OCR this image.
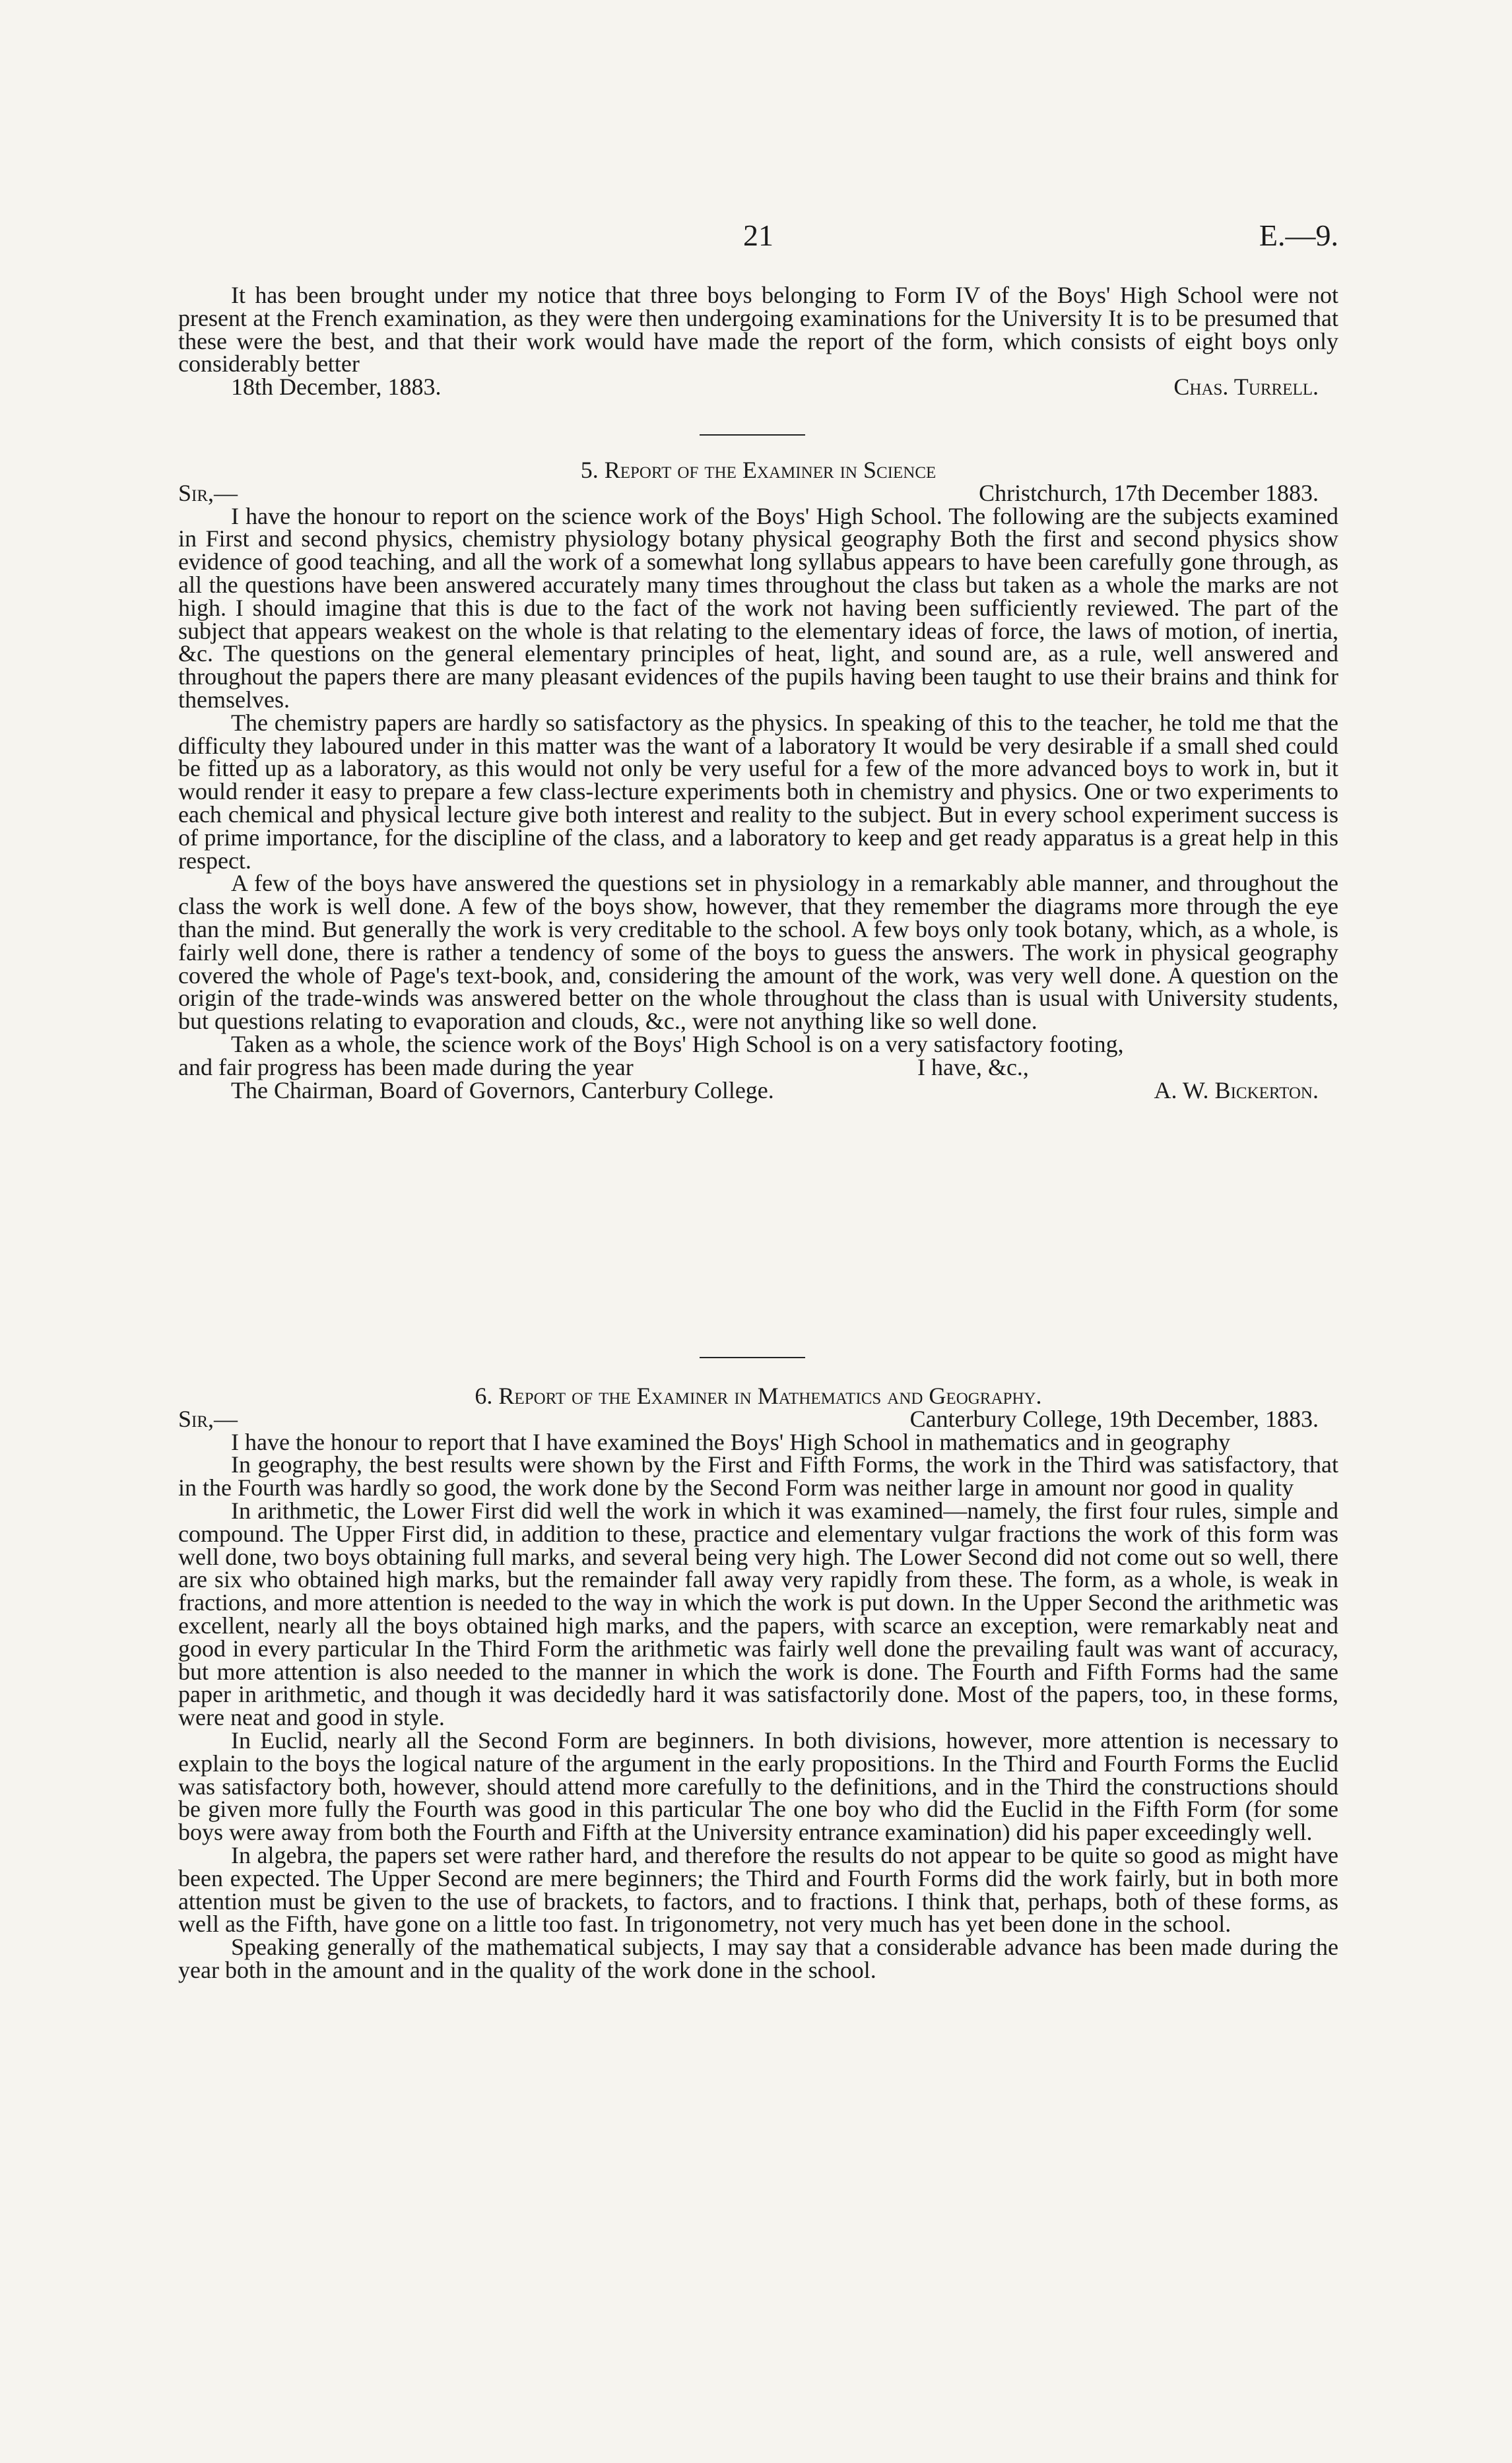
21	E.—9.

It has been brought under my notice that three boys belonging to Form IV of the Boys' High School were not present at the French examination, as they were then undergoing examinations for the University It is to be presumed that these were the best, and that their work would have made the report of the form, which consists of eight boys only considerably better

18th December, 1883.	Chas. Turrell.
5. Report of the Examiner in Science
Sir,—	Christchurch, 17th December 1883.

I have the honour to report on the science work of the Boys' High School. The following are the subjects examined in First and second physics, chemistry physiology botany physical geography Both the first and second physics show evidence of good teaching, and all the work of a somewhat long syllabus appears to have been carefully gone through, as all the questions have been answered accurately many times throughout the class but taken as a whole the marks are not high. I should imagine that this is due to the fact of the work not having been sufficiently reviewed. The part of the subject that appears weakest on the whole is that relating to the elementary ideas of force, the laws of motion, of inertia, &c. The questions on the general elementary principles of heat, light, and sound are, as a rule, well answered and throughout the papers there are many pleasant evidences of the pupils having been taught to use their brains and think for themselves.

The chemistry papers are hardly so satisfactory as the physics. In speaking of this to the teacher, he told me that the difficulty they laboured under in this matter was the want of a laboratory It would be very desirable if a small shed could be fitted up as a laboratory, as this would not only be very useful for a few of the more advanced boys to work in, but it would render it easy to prepare a few class-lecture experiments both in chemistry and physics. One or two experiments to each chemical and physical lecture give both interest and reality to the subject. But in every school experiment success is of prime importance, for the discipline of the class, and a laboratory to keep and get ready apparatus is a great help in this respect.

A few of the boys have answered the questions set in physiology in a remarkably able manner, and throughout the class the work is well done. A few of the boys show, however, that they remember the diagrams more through the eye than the mind. But generally the work is very creditable to the school. A few boys only took botany, which, as a whole, is fairly well done, there is rather a tendency of some of the boys to guess the answers. The work in physical geography covered the whole of Page's text-book, and, considering the amount of the work, was very well done. A question on the origin of the trade-winds was answered better on the whole throughout the class than is usual with University students, but questions relating to evaporation and clouds, &c., were not anything like so well done.

Taken as a whole, the science work of the Boys' High School is on a very satisfactory footing,

and fair progress has been made during the year	I have, &c.,
The Chairman, Board of Governors, Canterbury College.	A. W. Bickerton.
6. Report of the Examiner in Mathematics and Geography.
Sir,—	Canterbury College, 19th December, 1883.

I have the honour to report that I have examined the Boys' High School in mathematics and in geography

In geography, the best results were shown by the First and Fifth Forms, the work in the Third was satisfactory, that in the Fourth was hardly so good, the work done by the Second Form was neither large in amount nor good in quality

In arithmetic, the Lower First did well the work in which it was examined—namely, the first four rules, simple and compound. The Upper First did, in addition to these, practice and elementary vulgar fractions the work of this form was well done, two boys obtaining full marks, and several being very high. The Lower Second did not come out so well, there are six who obtained high marks, but the remainder fall away very rapidly from these. The form, as a whole, is weak in fractions, and more attention is needed to the way in which the work is put down. In the Upper Second the arithmetic was excellent, nearly all the boys obtained high marks, and the papers, with scarce an exception, were remarkably neat and good in every particular In the Third Form the arithmetic was fairly well done the prevailing fault was want of accuracy, but more attention is also needed to the manner in which the work is done. The Fourth and Fifth Forms had the same paper in arithmetic, and though it was decidedly hard it was satisfactorily done. Most of the papers, too, in these forms, were neat and good in style.

In Euclid, nearly all the Second Form are beginners. In both divisions, however, more attention is necessary to explain to the boys the logical nature of the argument in the early propositions. In the Third and Fourth Forms the Euclid was satisfactory both, however, should attend more carefully to the definitions, and in the Third the constructions should be given more fully the Fourth was good in this particular The one boy who did the Euclid in the Fifth Form (for some boys were away from both the Fourth and Fifth at the University entrance examination) did his paper exceedingly well.

In algebra, the papers set were rather hard, and therefore the results do not appear to be quite so good as might have been expected. The Upper Second are mere beginners; the Third and Fourth Forms did the work fairly, but in both more attention must be given to the use of brackets, to factors, and to fractions. I think that, perhaps, both of these forms, as well as the Fifth, have gone on a little too fast. In trigonometry, not very much has yet been done in the school.

Speaking generally of the mathematical subjects, I may say that a considerable advance has been made during the year both in the amount and in the quality of the work done in the school.
